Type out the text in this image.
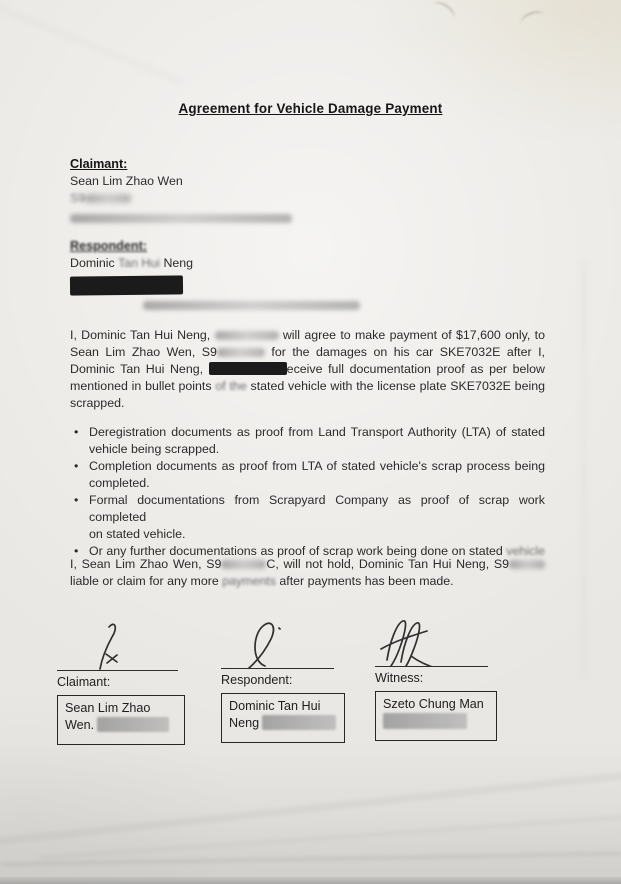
Agreement for Vehicle Damage Payment
Claimant:
Sean Lim Zhao Wen
S9
Respondent:
Dominic Tan Hui Neng
I, Dominic Tan Hui Neng,	will agree to make payment of $17,600 only, to
Sean Lim Zhao Wen, S9	for the damages on his car SKE7032E after I,
Dominic Tan Hui Neng,	eceive full documentation proof as per below
mentioned in bullet points of the stated vehicle with the license plate SKE7032E being
scrapped.
• Deregistration documents as proof from Land Transport Authority (LTA) of stated
vehicle being scrapped.
• Completion documents as proof from LTA of stated vehicle's scrap process being
completed.
• Formal documentations from Scrapyard Company as proof of scrap work completed
on stated vehicle.
• Or any further documentations as proof of scrap work being done on stated vehicle
I, Sean Lim Zhao Wen, S9	C, will not hold, Dominic Tan Hui Neng, S9
liable or claim for any more payments after payments has been made.
Claimant:
Sean Lim Zhao
Wen.
Respondent:
Dominic Tan Hui
Neng
Witness:
Szeto Chung Man
